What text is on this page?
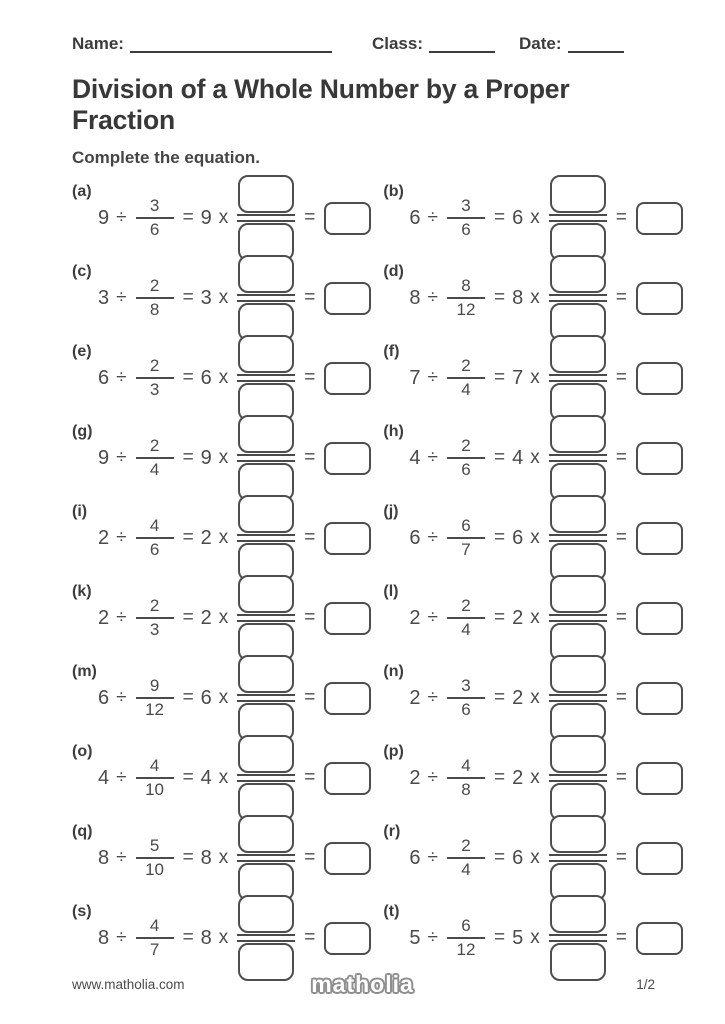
Name:	Class:	Date:
Division of a Whole Number by a Proper Fraction
Complete the equation.
(a)
$9 \div \frac{3}{6} = 9$ x	=
(b)
$6 \div \frac{3}{6} = 6$ x	=
(c)
$3 \div \frac{2}{8} = 3$ x	=
(d)
$8 \div \frac{8}{12} = 8$ x	=
(e)
$6 \div \frac{2}{3} = 6$ x	=
(f)
$7 \div \frac{2}{4} = 7$ x	=
(g)
$9 \div \frac{2}{4} = 9$ x	=
(h)
$4 \div \frac{2}{6} = 4$ x	=
(i)
$2 \div \frac{4}{6} = 2$ x	=
(j)
$6 \div \frac{6}{7} = 6$ x	=
(k)
$2 \div \frac{2}{3} = 2$ x	=
(l)
$2 \div \frac{2}{4} = 2$ x	=
(m)
$6 \div \frac{9}{12} = 6$ x	=
(n)
$2 \div \frac{3}{6} = 2$ x	=
(o)
$4 \div \frac{4}{10} = 4$ x	=
(p)
$2 \div \frac{4}{8} = 2$ x	=
(q)
$8 \div \frac{5}{10} = 8$ x	=
(r)
$6 \div \frac{2}{4} = 6$ x	=
(s)
$8 \div \frac{4}{7} = 8$ x	=
(t)
$5 \div \frac{6}{12} = 5$ x	=
www.matholia.com	matholia	1/2
